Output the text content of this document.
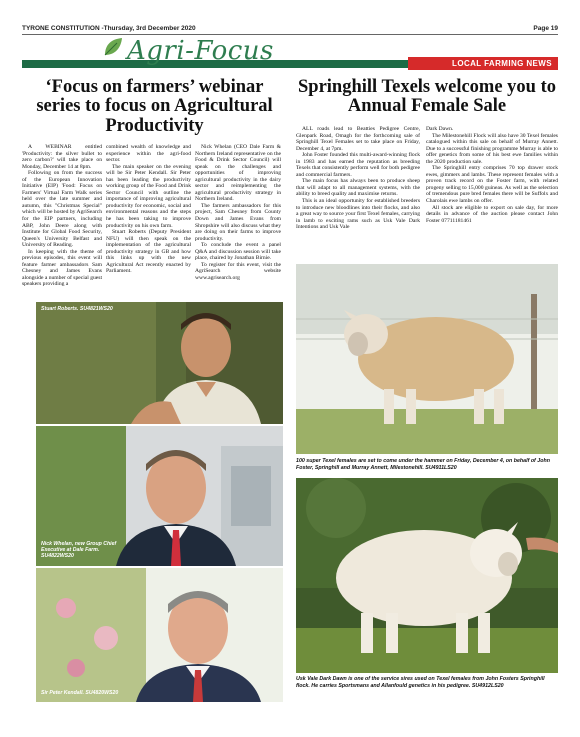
TYRONE CONSTITUTION -Thursday, 3rd December 2020	Page 19
Agri-Focus	LOCAL FARMING NEWS
‘Focus on farmers’ webinar series to focus on Agricultural Productivity

A WEBINAR entitled 'Productivity: the silver bullet to zero carbon?' will take place on Monday, December 14 at 8pm.

Following on from the success of the European Innovation Initiative (EIP) 'Food: Focus on Farmers' Virtual Farm Walk series held over the late summer and autumn, this "Christmas Special" which will be hosted by AgriSearch for the EIP partners, including ABP, John Deere along with Institute for Global Food Security, Queen's University Belfast and University of Reading.

In keeping with the theme of previous episodes, this event will feature farmer ambassadors Sam Chesney and James Evans alongside a number of special guest speakers providing a

combined wealth of knowledge and experience within the agri-food sector.

The main speaker on the evening will be Sir Peter Kendall. Sir Peter has been leading the productivity working group of the Food and Drink Sector Council with outline the importance of improving agricultural productivity for economic, social and environmental reasons and the steps he has been taking to improve productivity on his own farm.

Stuart Roberts (Deputy President NFU) will then speak on the implementation of the agricultural productivity strategy in GB and how this links up with the new Agricultural Act recently enacted by Parliament.

Nick Whelan (CEO Dale Farm & Northern Ireland representative on the Food & Drink Sector Council) will speak on the challenges and opportunities of improving agricultural productivity in the dairy sector and reimplementing the agricultural productivity strategy in Northern Ireland.

The farmers ambassadors for this project, Sam Chesney from County Down and James Evans from Shropshire will also discuss what they are doing on their farms to improve productivity.

To conclude the event a panel Q&A and discussion session will take place, chaired by Jonathan Birnie.

To register for this event, visit the AgriSearch website www.agrisearch.org

Stuart Roberts. SU4821WS20
Nick Whelan, new Group Chief Executive at Dale Farm. SU4822WS20
Sir Peter Kendall. SU4820WS20
Springhill Texels welcome you to Annual Female Sale

ALL roads lead to Beatties Pedigree Centre, Glenpark Road, Omagh for the forthcoming sale of Springhill Texel Females set to take place on Friday, December 4, at 7pm.

John Foster founded this multi-award-winning flock in 1983 and has earned the reputation as breeding Texels that consistently perform well for both pedigree and commercial farmers.

The main focus has always been to produce sheep that will adapt to all management systems, with the ability to breed quality and maximise returns.

This is an ideal opportunity for established breeders to introduce new bloodlines into their flocks, and also a great way to source your first Texel females, carrying in lamb to exciting rams such as Usk Vale Dark Intentions and Usk Vale

Dark Dawn.

The Milestonehill Flock will also have 30 Texel females catalogued within this sale on behalf of Murray Annett. Due to a successful finishing programme Murray is able to offer genetics from some of his best ewe families within the 2020 production sale.

The Springhill entry comprises 70 top drawer stock ewes, gimmers and lambs. These represent females with a proven track record on the Foster farm, with related progeny selling to 15,000 guineas. As well as the selection of tremendous pure bred females there will be Suffolx and Charolais ewe lambs on offer.

All stock are eligible to export on sale day, for more details in advance of the auction please contact John Foster 07711181461

100 super Texel females are set to come under the hammer on Friday, December 4, on behalf of John Foster, Springhill and Murray Annett, Milestonehill. SU4911LS20
Usk Vale Dark Dawn is one of the service sires used on Texel females from John Fosters Springhill flock. He carries Sportsmans and Allanfould genetics in his pedigree. SU4912LS20
